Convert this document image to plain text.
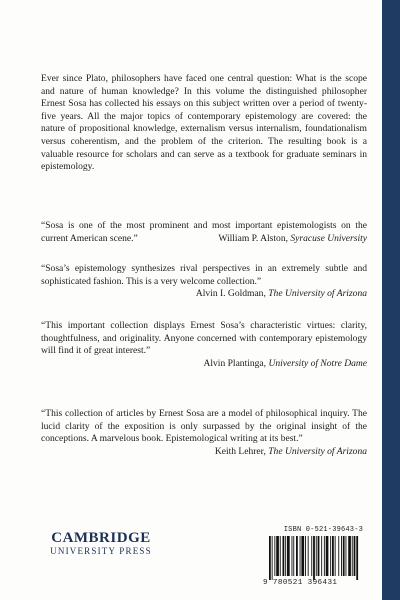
Ever since Plato, philosophers have faced one central question: What is the scope and nature of human knowledge? In this volume the distinguished philosopher Ernest Sosa has collected his essays on this subject written over a period of twenty-five years. All the major topics of contemporary epistemology are covered: the nature of propositional knowledge, externalism versus internalism, foundationalism versus coherentism, and the problem of the criterion. The resulting book is a valuable resource for scholars and can serve as a textbook for graduate seminars in epistemology.

“Sosa is one of the most prominent and most important epistemologists on the current American scene.”	William P. Alston, Syracuse University

“Sosa’s epistemology synthesizes rival perspectives in an extremely subtle and sophisticated fashion. This is a very welcome collection.”

Alvin I. Goldman, The University of Arizona

“This important collection displays Ernest Sosa’s characteristic virtues: clarity, thoughtfulness, and originality. Anyone concerned with contemporary epistemology will find it of great interest.”

Alvin Plantinga, University of Notre Dame

“This collection of articles by Ernest Sosa are a model of philosophical inquiry. The lucid clarity of the exposition is only surpassed by the original insight of the conceptions. A marvelous book. Epistemological writing at its best.”
Keith Lehrer, The University of Arizona

CAMBRIDGE
UNIVERSITY PRESS
ISBN 0-521-39643-3
9 780521 396431
